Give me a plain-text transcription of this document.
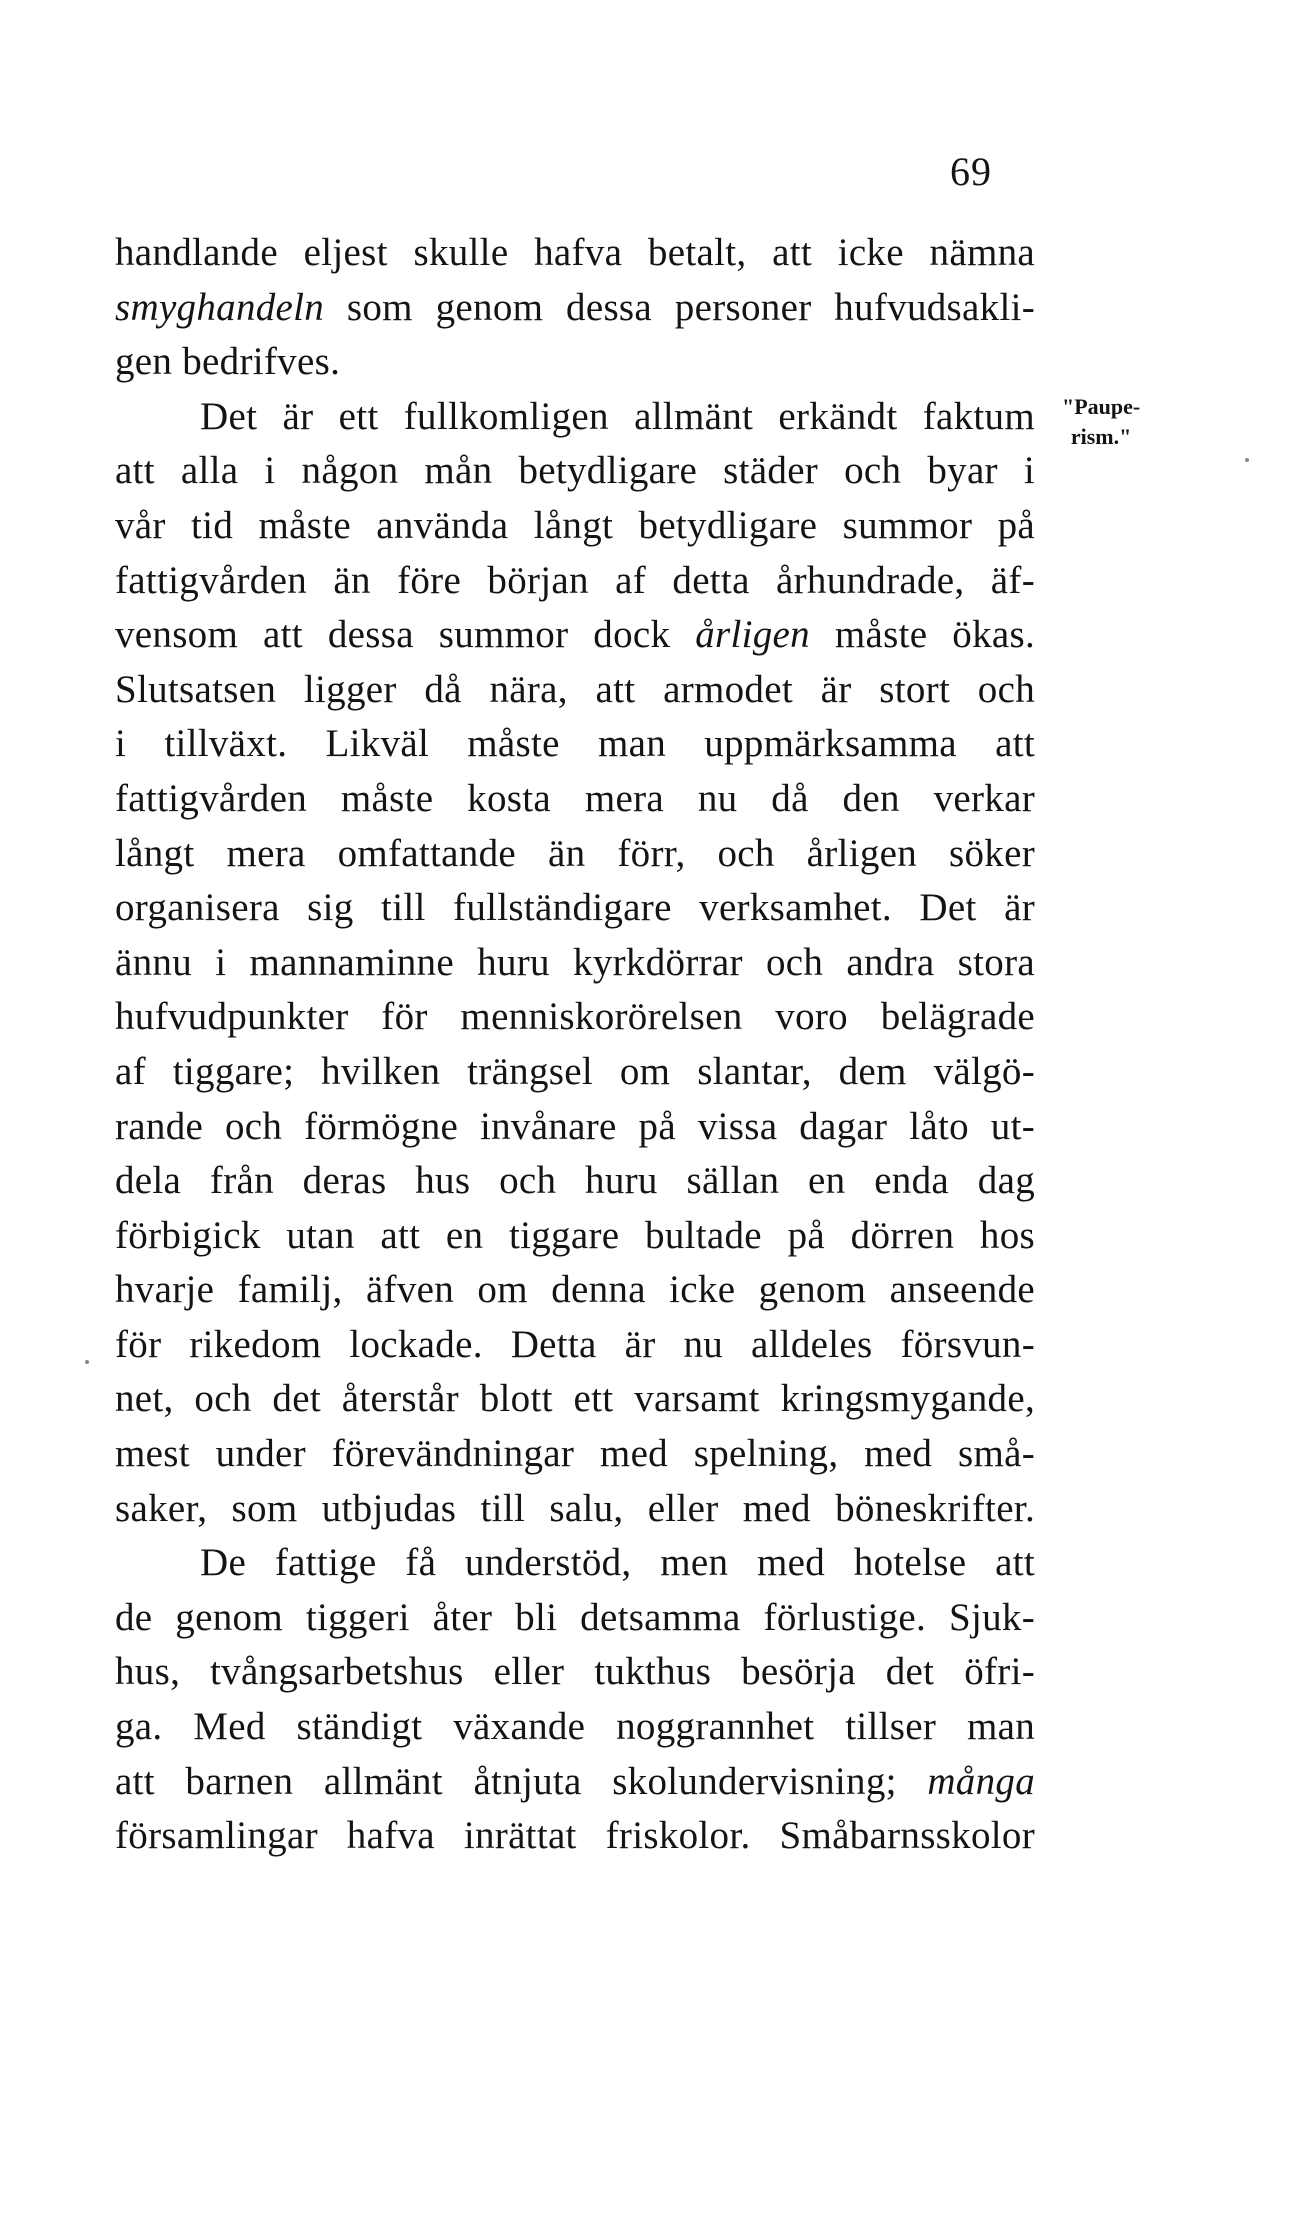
69
"Paupe-
rism."
handlande eljest skulle hafva betalt, att icke nämna
smyghandeln som genom dessa personer hufvudsakli-
gen bedrifves.
Det är ett fullkomligen allmänt erkändt faktum
att alla i någon mån betydligare städer och byar i
vår tid måste använda långt betydligare summor på
fattigvården än före början af detta århundrade, äf-
vensom att dessa summor dock årligen måste ökas.
Slutsatsen ligger då nära, att armodet är stort och
i tillväxt. Likväl måste man uppmärksamma att
fattigvården måste kosta mera nu då den verkar
långt mera omfattande än förr, och årligen söker
organisera sig till fullständigare verksamhet. Det är
ännu i mannaminne huru kyrkdörrar och andra stora
hufvudpunkter för menniskorörelsen voro belägrade
af tiggare; hvilken trängsel om slantar, dem välgö-
rande och förmögne invånare på vissa dagar låto ut-
dela från deras hus och huru sällan en enda dag
förbigick utan att en tiggare bultade på dörren hos
hvarje familj, äfven om denna icke genom anseende
för rikedom lockade. Detta är nu alldeles försvun-
net, och det återstår blott ett varsamt kringsmygande,
mest under förevändningar med spelning, med små-
saker, som utbjudas till salu, eller med böneskrifter.
De fattige få understöd, men med hotelse att
de genom tiggeri åter bli detsamma förlustige. Sjuk-
hus, tvångsarbetshus eller tukthus besörja det öfri-
ga. Med ständigt växande noggrannhet tillser man
att barnen allmänt åtnjuta skolundervisning; många
församlingar hafva inrättat friskolor. Småbarnsskolor
